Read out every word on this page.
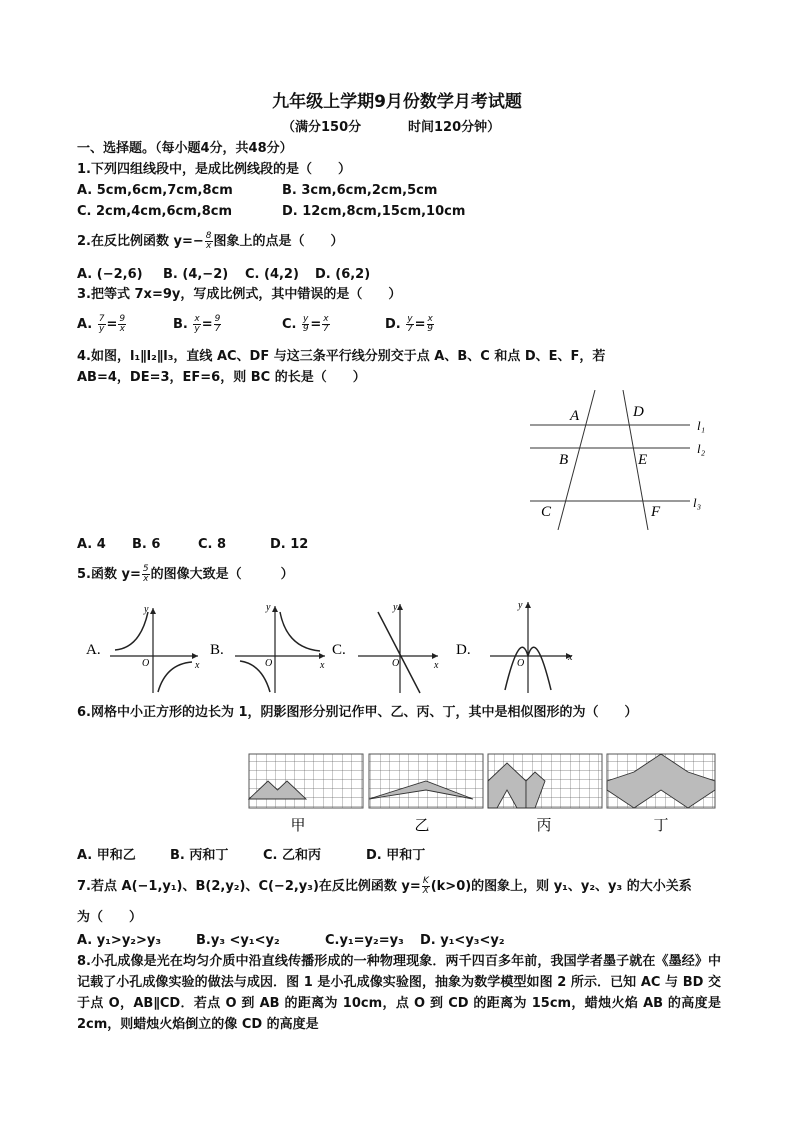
九年级上学期9月份数学月考试题
（满分150分	时间120分钟）
一、选择题。（每小题4分，共48分）
1.下列四组线段中，是成比例线段的是（　　）
A. 5cm,6cm,7cm,8cm	B. 3cm,6cm,2cm,5cm
C. 2cm,4cm,6cm,8cm	D. 12cm,8cm,15cm,10cm
2.在反比例函数 $y=- \frac{8}{x}$ 图象上的点是（　　）
A. (−2,6) B. (4,−2) C. (4,2) D. (6,2)
3.把等式 7x=9y，写成比例式，其中错误的是（　　）
A. $\frac{7}{y} = \frac{9}{x}$	B. $\frac{x}{y} = \frac{9}{7}$	C. $\frac{y}{9} = \frac{x}{7}$	D. $\frac{y}{7} = \frac{x}{9}$
4.如图，l₁∥l₂∥l₃，直线 AC、DF 与这三条平行线分别交于点 A、B、C 和点 D、E、F，若
AB=4，DE=3，EF=6，则 BC 的长是（　　）
A	D
B	E
C	F
l₁
l₂
l₃
A. 4 B. 6	C. 8	D. 12
5.函数 $y= \frac{5}{x}$ 的图像大致是（　　　）
A.
O	x
y
B.
O	x
y
C.
O	x
y
D.
O
x
y
6.网格中小正方形的边长为 1，阴影图形分别记作甲、乙、丙、丁，其中是相似图形的为（　　）
甲	乙	丙	丁
A. 甲和乙	B. 丙和丁	C. 乙和丙	D. 甲和丁
7.若点 A(−1,y₁)、B(2,y₂)、C(−2,y₃)在反比例函数 $y= \frac{K}{X} (k>0)$的图象上，则 y₁、y₂、y₃ 的大小关系
为（　　）
A. y₁>y₂>y₃	B.y₃ <y₁<y₂	C.y₁=y₂=y₃ D. y₁<y₃<y₂
8.小孔成像是光在均匀介质中沿直线传播形成的一种物理现象．两千四百多年前，我国学者墨子就在《墨经》中记载了小孔成像实验的做法与成因．图 1 是小孔成像实验图，抽象为数学模型如图 2 所示．已知 AC 与 BD 交于点 O，AB∥CD．若点 O 到 AB 的距离为 10cm，点 O 到 CD 的距离为 15cm，蜡烛火焰 AB 的高度是 2cm，则蜡烛火焰倒立的像 CD 的高度是
